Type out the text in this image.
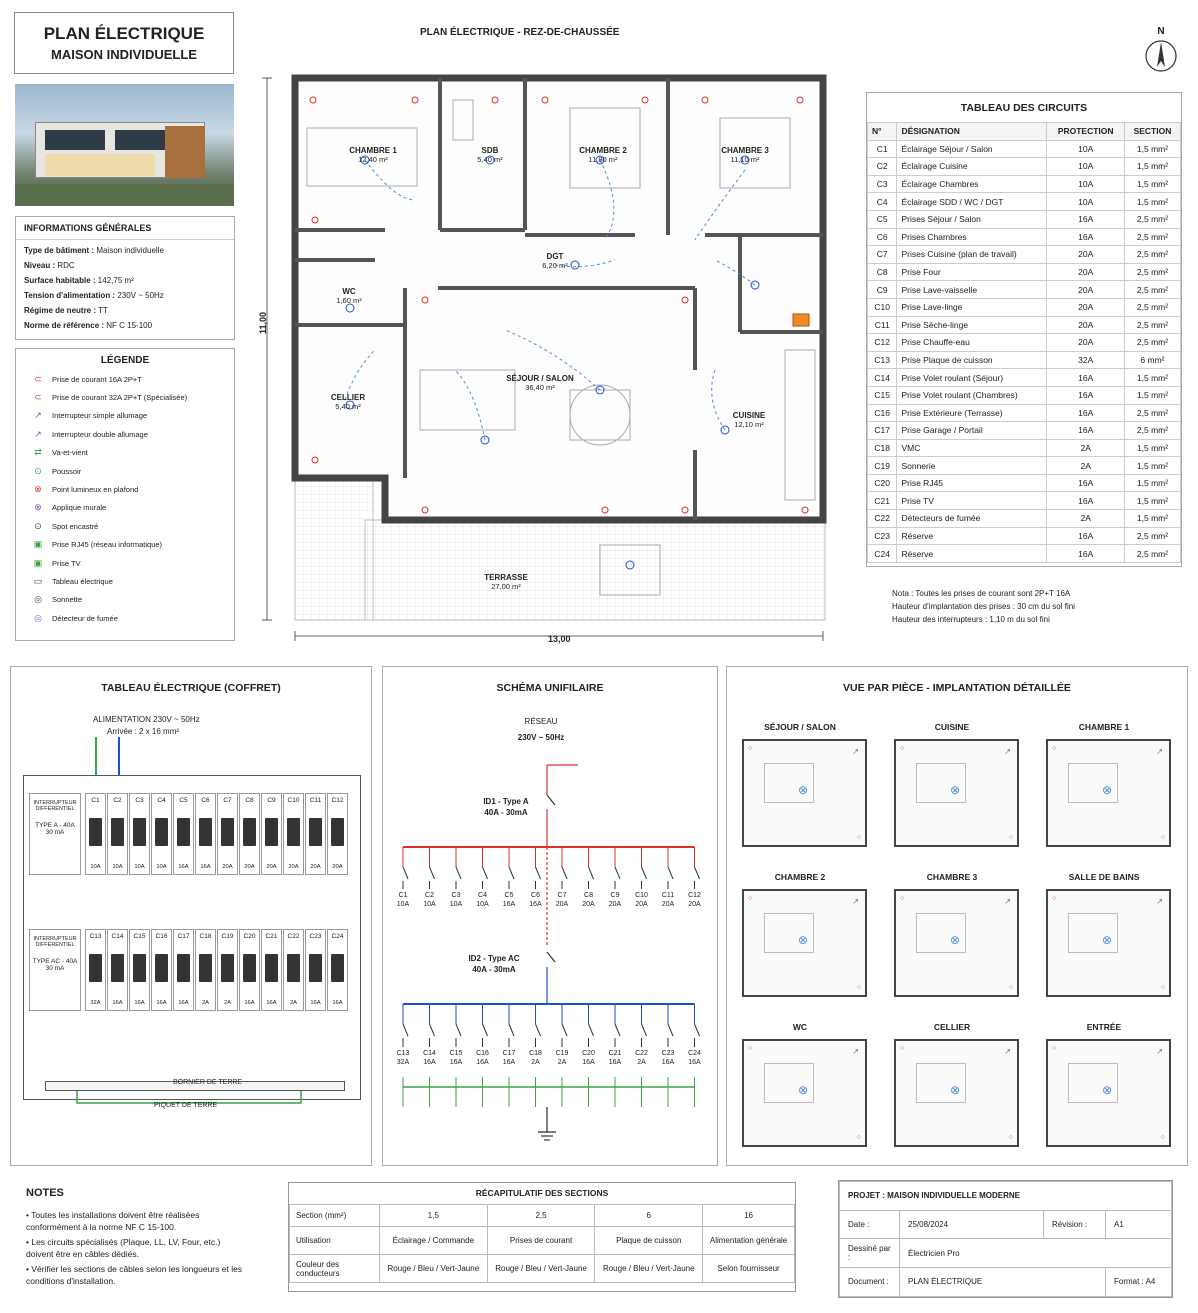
PLAN ÉLECTRIQUE
MAISON INDIVIDUELLE
INFORMATIONS GÉNÉRALES
Type de bâtiment : Maison individuelle
Niveau : RDC
Surface habitable : 142,75 m²
Tension d'alimentation : 230V ~ 50Hz
Régime de neutre : TT
Norme de référence : NF C 15-100
LÉGENDE
⊂	Prise de courant 16A 2P+T
⊂	Prise de courant 32A 2P+T (Spécialisée)
↗	Interrupteur simple allumage
↗	Interrupteur double allumage
⇄	Va-et-vient
⊙	Poussoir
⊗	Point lumineux en plafond
⊗	Applique murale
⊙	Spot encastré
▣	Prise RJ45 (réseau informatique)
▣	Prise TV
▭	Tableau électrique
◎	Sonnette
◎	Détecteur de fumée
PLAN ÉLECTRIQUE - REZ-DE-CHAUSSÉE	N
13,00
11,00
CHAMBRE 1
12,40 m²
SDB
5,40 m²
CHAMBRE 2
11,80 m²
CHAMBRE 3
11,10 m²
DGT
6,20 m²
WC
1,60 m²
CELLIER
5,40 m²
SÉJOUR / SALON
36,40 m²
CUISINE
12,10 m²
TERRASSE
27,00 m²
TABLEAU DES CIRCUITS
N°	DÉSIGNATION	PROTECTION	SECTION
C1	Éclairage Séjour / Salon	10A	1,5 mm²
C2	Éclairage Cuisine	10A	1,5 mm²
C3	Éclairage Chambres	10A	1,5 mm²
C4	Éclairage SDD / WC / DGT	10A	1,5 mm²
C5	Prises Séjour / Salon	16A	2,5 mm²
C6	Prises Chambres	16A	2,5 mm²
C7	Prises Cuisine (plan de travail)	20A	2,5 mm²
C8	Prise Four	20A	2,5 mm²
C9	Prise Lave-vaisselle	20A	2,5 mm²
C10	Prise Lave-linge	20A	2,5 mm²
C11	Prise Sèche-linge	20A	2,5 mm²
C12	Prise Chauffe-eau	20A	2,5 mm²
C13	Prise Plaque de cuisson	32A	6 mm²
C14	Prise Volet roulant (Séjour)	16A	1,5 mm²
C15	Prise Volet roulant (Chambres)	16A	1,5 mm²
C16	Prise Extérieure (Terrasse)	16A	2,5 mm²
C17	Prise Garage / Portail	16A	2,5 mm²
C18	VMC	2A	1,5 mm²
C19	Sonnerie	2A	1,5 mm²
C20	Prise RJ45	16A	1,5 mm²
C21	Prise TV	16A	1,5 mm²
C22	Détecteurs de fumée	2A	1,5 mm²
C23	Réserve	16A	2,5 mm²
C24	Réserve	16A	2,5 mm²
Nota : Toutes les prises de courant sont 2P+T 16A
Hauteur d'implantation des prises : 30 cm du sol fini
Hauteur des interrupteurs : 1,10 m du sol fini
TABLEAU ÉLECTRIQUE (COFFRET)
ALIMENTATION 230V ~ 50Hz
Arrivée : 2 x 16 mm²
INTERRUPTEUR DIFFÉRENTIEL
TYPE A - 40A
30 mA
C1
10A
C2
10A
C3
10A
C4
10A
C5
16A
C6
16A
C7
20A
C8
20A
C9
20A
C10
20A
C11
20A
C12
20A
INTERRUPTEUR DIFFÉRENTIEL
TYPE AC - 40A
30 mA
C13
32A
C14
16A
C15
16A
C16
16A
C17
16A
C18
2A
C19
2A
C20
16A
C21
16A
C22
2A
C23
16A
C24
16A
BORNIER DE TERRE
PIQUET DE TERRE
SCHÉMA UNIFILAIRE
RÉSEAU
230V ~ 50Hz
ID1 - Type A
40A - 30mA
ID2 - Type AC
40A - 30mA
C1
10A
C2
10A
C3
10A
C4
10A
C5
16A
C6
16A
C7
20A
C8
20A
C9
20A
C10
20A
C11
20A
C12
20A
C13
32A
C14
16A
C15
16A
C16
16A
C17
16A
C18
2A
C19
2A
C20
16A
C21
16A
C22
2A
C23
16A
C24
16A
VUE PAR PIÈCE - IMPLANTATION DÉTAILLÉE
SÉJOUR / SALON
⊗
○
○
↗
CUISINE
⊗
○
○
↗
CHAMBRE 1
⊗
○
○
↗
CHAMBRE 2
⊗
○
○
↗
CHAMBRE 3
⊗
○
○
↗
SALLE DE BAINS
⊗
○
○
↗
WC
⊗
○
○
↗
CELLIER
⊗
○
○
↗
ENTRÉE
⊗
○
○
↗
NOTES
• Toutes les installations doivent être réalisées conformément à la norme NF C 15-100.
• Les circuits spécialisés (Plaque, LL, LV, Four, etc.) doivent être en câbles dédiés.
• Vérifier les sections de câbles selon les longueurs et les conditions d'installation.
RÉCAPITULATIF DES SECTIONS
Section (mm²)	1,5	2,5	6	16
Utilisation	Éclairage / Commande	Prises de courant	Plaque de cuisson	Alimentation générale
Couleur des conducteurs	Rouge / Bleu / Vert-Jaune	Rouge / Bleu / Vert-Jaune	Rouge / Bleu / Vert-Jaune	Selon fournisseur
PROJET : MAISON INDIVIDUELLE MODERNE			
Date :	25/08/2024	Révision :	A1
Dessiné par :	Électricien Pro		
Document :	PLAN ÉLECTRIQUE		Format : A4
